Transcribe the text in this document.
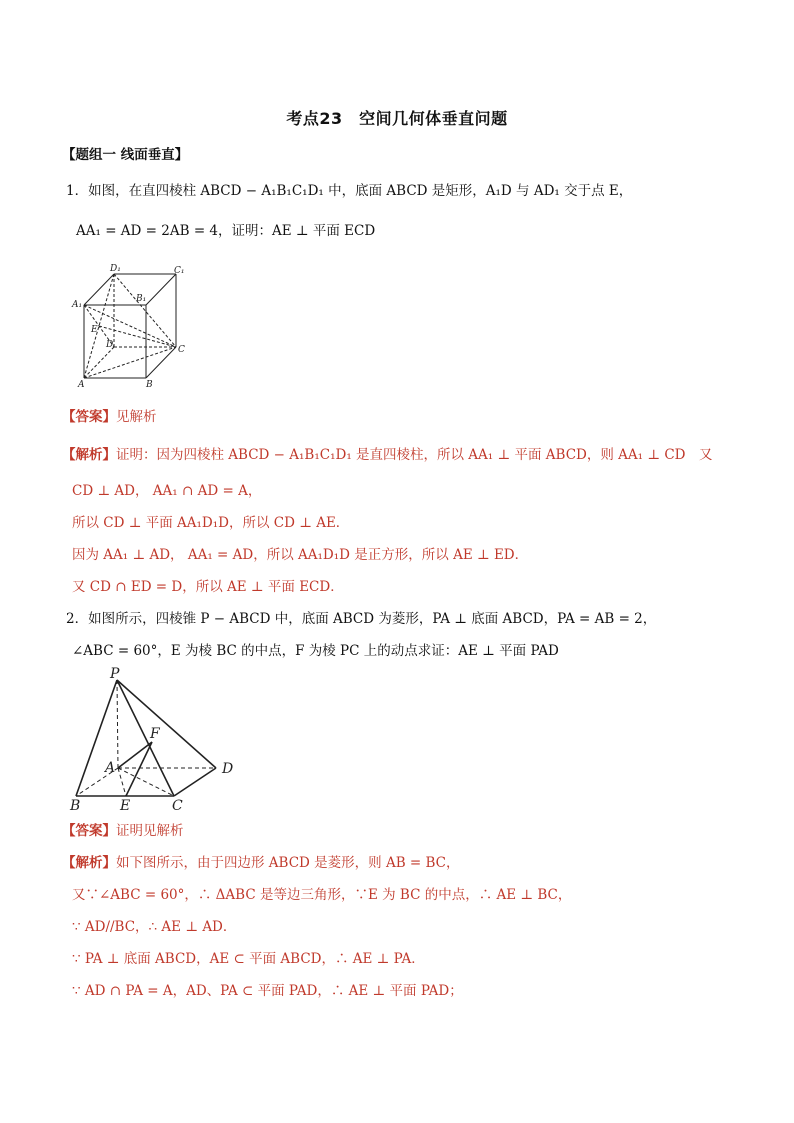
考点23　空间几何体垂直问题
【题组一 线面垂直】
1．如图，在直四棱柱 ABCD − A₁B₁C₁D₁ 中，底面 ABCD 是矩形，A₁D 与 AD₁ 交于点 E，
AA₁ = AD = 2AB = 4，证明：AE ⊥ 平面 ECD
D₁	C₁
A₁
B₁
E
D	C
A	B
【答案】见解析
【解析】证明：因为四棱柱 ABCD − A₁B₁C₁D₁ 是直四棱柱，所以 AA₁ ⊥ 平面 ABCD，则 AA₁ ⊥ CD　又
CD ⊥ AD， AA₁ ∩ AD = A，
所以 CD ⊥ 平面 AA₁D₁D，所以 CD ⊥ AE．
因为 AA₁ ⊥ AD， AA₁ = AD，所以 AA₁D₁D 是正方形，所以 AE ⊥ ED．
又 CD ∩ ED = D，所以 AE ⊥ 平面 ECD．
2．如图所示，四棱锥 P − ABCD 中，底面 ABCD 为菱形，PA ⊥ 底面 ABCD，PA = AB = 2，
∠ABC = 60°，E 为棱 BC 的中点，F 为棱 PC 上的动点求证：AE ⊥ 平面 PAD
P
F
A	D
B	E	C
【答案】证明见解析
【解析】如下图所示，由于四边形 ABCD 是菱形，则 AB = BC，
又∵∠ABC = 60°，∴ ΔABC 是等边三角形，∵E 为 BC 的中点，∴ AE ⊥ BC，
∵ AD//BC，∴ AE ⊥ AD．
∵ PA ⊥ 底面 ABCD，AE ⊂ 平面 ABCD，∴ AE ⊥ PA．
∵ AD ∩ PA = A，AD、PA ⊂ 平面 PAD，∴ AE ⊥ 平面 PAD；
